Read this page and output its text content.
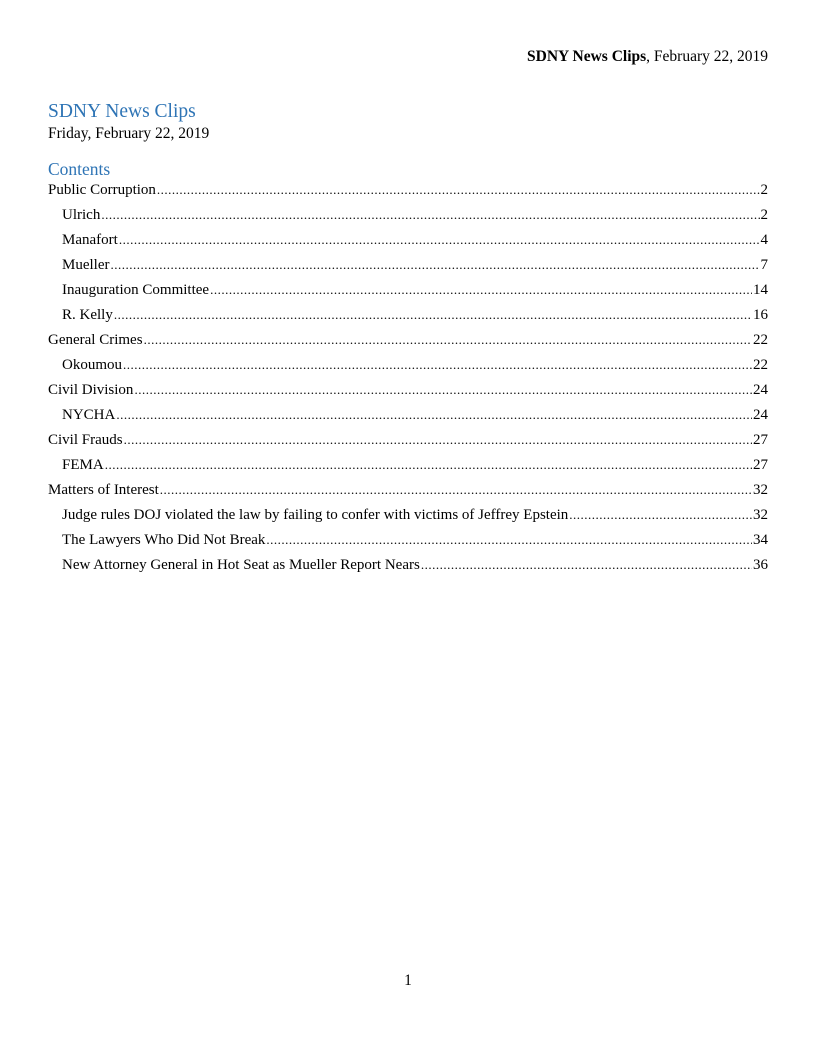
SDNY News Clips, February 22, 2019
SDNY News Clips
Friday, February 22, 2019
Contents
Public Corruption .....	2
Ulrich .....	2
Manafort .....	4
Mueller .....	7
Inauguration Committee .....	14
R. Kelly .....	16
General Crimes .....	22
Okoumou .....	22
Civil Division .....	24
NYCHA .....	24
Civil Frauds .....	27
FEMA .....	27
Matters of Interest .....	32
Judge rules DOJ violated the law by failing to confer with victims of Jeffrey Epstein .....	32
The Lawyers Who Did Not Break .....	34
New Attorney General in Hot Seat as Mueller Report Nears .....	36
1
